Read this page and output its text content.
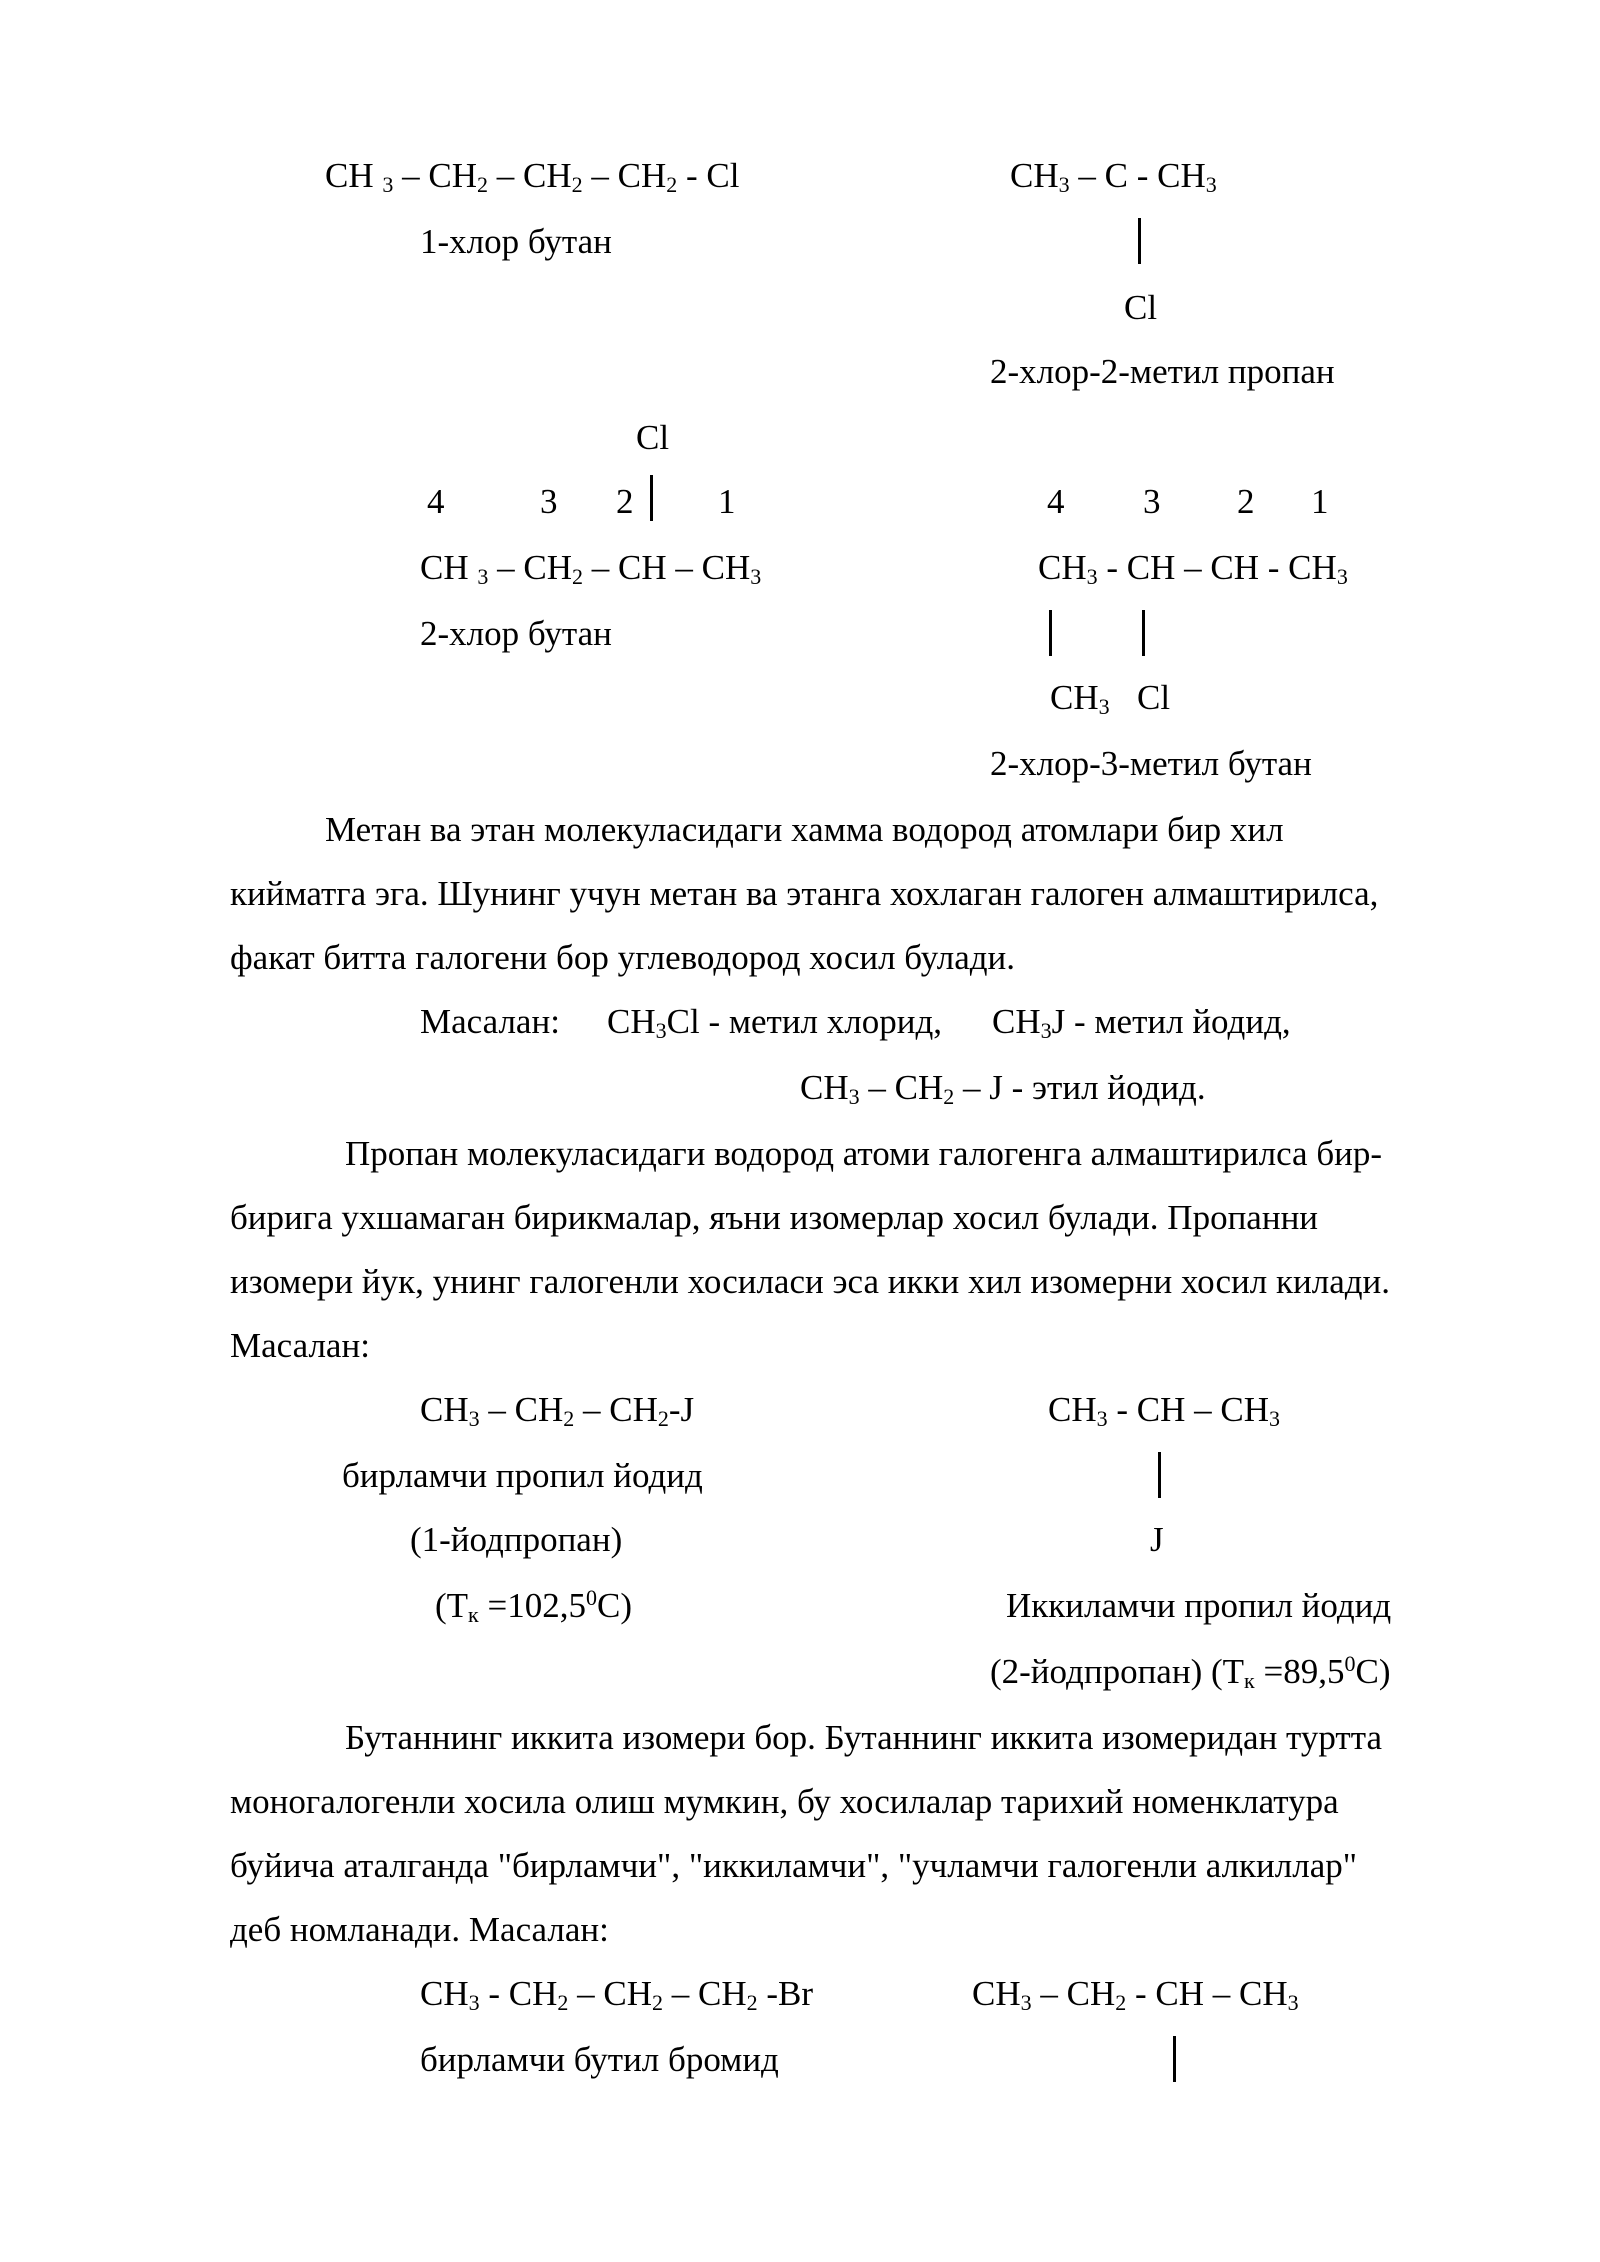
CH $_3 - CH_2 - CH_2 - CH_2$ - Cl
1-хлор бутан
$CH_3$ – C - $CH_3$
Cl
2-хлор-2-метил пропан
Cl
4	3 2 1
CH $_3 - CH_2$ – CH – $CH_3$
2-хлор бутан
4 3 2 1
$CH_3$ - CH – CH - $CH_3$
$CH_3$ Cl
2-хлор-3-метил бутан
Метан ва этан молекуласидаги хамма водород атомлари бир хил
кийматга эга. Шунинг учун метан ва этанга хохлаган галоген алмаштирилса,
факат битта галогени бор углеводород хосил булади.
Масалан: $CH_3Cl$ - метил хлорид, $CH_3J$ - метил йодид,
$CH_3 - CH_2$ – J - этил йодид.
Пропан молекуласидаги водород атоми галогенга алмаштирилса бир-
бирига ухшамаган бирикмалар, яъни изомерлар хосил булади. Пропанни
изомери йук, унинг галогенли хосиласи эса икки хил изомерни хосил килади.
Масалан:
$CH_3 - CH_2 - CH_2-J$
бирламчи пропил йодид
(1-йодпропан)
$(T_к =102,5^0C)$
$CH_3$ - CH – $CH_3$
J
Иккиламчи пропил йодид
(2-йодпропан) $(T_к =89,5^0C)$
Бутаннинг иккита изомери бор. Бутаннинг иккита изомеридан туртта
моногалогенли хосила олиш мумкин, бу хосилалар тарихий номенклатура
буйича аталганда "бирламчи", "иккиламчи", "учламчи галогенли алкиллар"
деб номланади. Масалан:
$CH_3 - CH_2 - CH_2 - CH_2$ -Br
бирламчи бутил бромид
$CH_3 - CH_2$ - CH – $CH_3$
